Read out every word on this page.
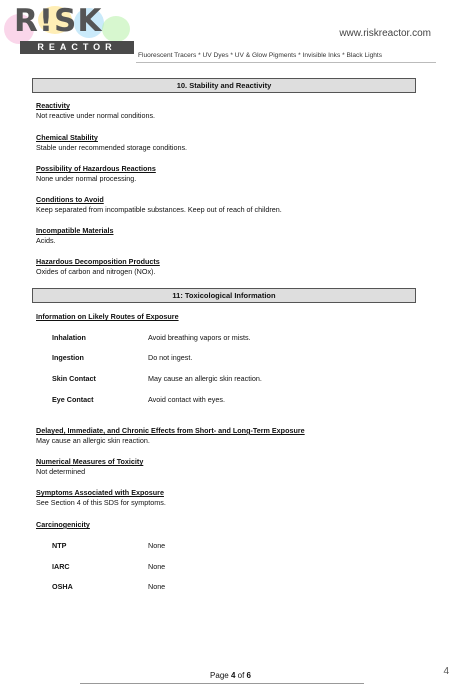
R!SK
REACTOR
www.riskreactor.com
Fluorescent Tracers * UV Dyes * UV & Glow Pigments * Invisible Inks * Black Lights
10. Stability and Reactivity
Reactivity
Not reactive under normal conditions.
Chemical Stability
Stable under recommended storage conditions.
Possibility of Hazardous Reactions
None under normal processing.
Conditions to Avoid
Keep separated from incompatible substances. Keep out of reach of children.
Incompatible Materials
Acids.
Hazardous Decomposition Products
Oxides of carbon and nitrogen (NOx).
11: Toxicological Information
Information on Likely Routes of Exposure
Inhalation	Avoid breathing vapors or mists.
Ingestion	Do not ingest.
Skin Contact	May cause an allergic skin reaction.
Eye Contact	Avoid contact with eyes.
Delayed, Immediate, and Chronic Effects from Short- and Long-Term Exposure
May cause an allergic skin reaction.
Numerical Measures of Toxicity
Not determined
Symptoms Associated with Exposure
See Section 4 of this SDS for symptoms.
Carcinogenicity
NTP	None
IARC	None
OSHA	None
Page 4 of 6	4
